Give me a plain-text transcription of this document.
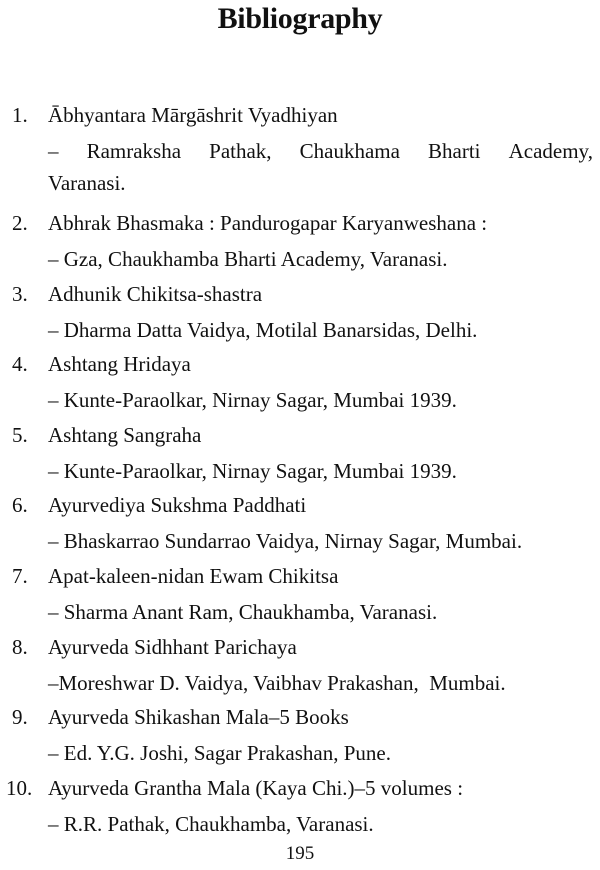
Bibliography
1. Ābhyantara Mārgāshrit Vyadhiyan
– Ramraksha Pathak, Chaukhama Bharti Academy,
Varanasi.
2. Abhrak Bhasmaka : Pandurogapar Karyanweshana :
– Gza, Chaukhamba Bharti Academy, Varanasi.
3. Adhunik Chikitsa-shastra
– Dharma Datta Vaidya, Motilal Banarsidas, Delhi.
4. Ashtang Hridaya
– Kunte-Paraolkar, Nirnay Sagar, Mumbai 1939.
5. Ashtang Sangraha
– Kunte-Paraolkar, Nirnay Sagar, Mumbai 1939.
6. Ayurvediya Sukshma Paddhati
– Bhaskarrao Sundarrao Vaidya, Nirnay Sagar, Mumbai.
7. Apat-kaleen-nidan Ewam Chikitsa
– Sharma Anant Ram, Chaukhamba, Varanasi.
8. Ayurveda Sidhhant Parichaya
–Moreshwar D. Vaidya, Vaibhav Prakashan,  Mumbai.
9. Ayurveda Shikashan Mala–5 Books
– Ed. Y.G. Joshi, Sagar Prakashan, Pune.
10. Ayurveda Grantha Mala (Kaya Chi.)–5 volumes :
– R.R. Pathak, Chaukhamba, Varanasi.
195
